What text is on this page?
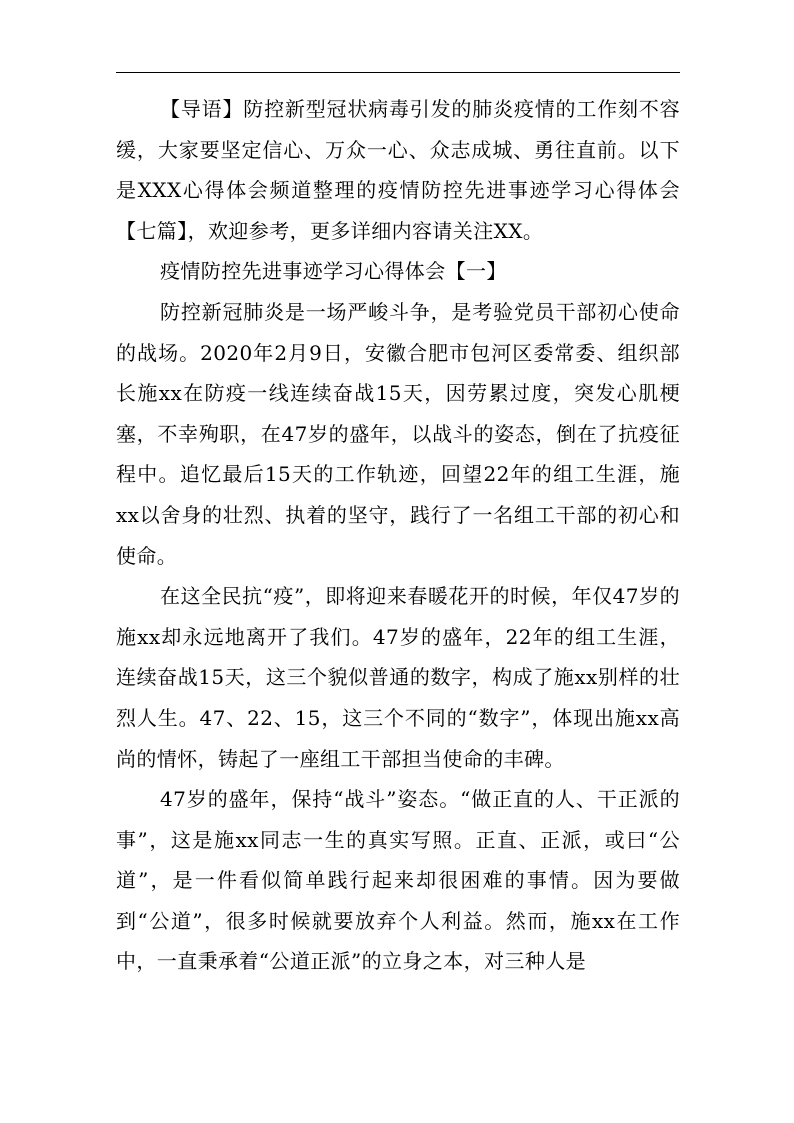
【导语】防控新型冠状病毒引发的肺炎疫情的工作刻不容缓，大家要坚定信心、万众一心、众志成城、勇往直前。以下是XXX心得体会频道整理的疫情防控先进事迹学习心得体会【七篇】，欢迎参考，更多详细内容请关注XX。

疫情防控先进事迹学习心得体会【一】

防控新冠肺炎是一场严峻斗争，是考验党员干部初心使命的战场。2020年2月9日，安徽合肥市包河区委常委、组织部长施xx在防疫一线连续奋战15天，因劳累过度，突发心肌梗塞，不幸殉职，在47岁的盛年，以战斗的姿态，倒在了抗疫征程中。追忆最后15天的工作轨迹，回望22年的组工生涯，施xx以舍身的壮烈、执着的坚守，践行了一名组工干部的初心和使命。

在这全民抗“疫”，即将迎来春暖花开的时候，年仅47岁的施xx却永远地离开了我们。47岁的盛年，22年的组工生涯，连续奋战15天，这三个貌似普通的数字，构成了施xx别样的壮烈人生。47、22、15，这三个不同的“数字”，体现出施xx高尚的情怀，铸起了一座组工干部担当使命的丰碑。

47岁的盛年，保持“战斗”姿态。“做正直的人、干正派的事”，这是施xx同志一生的真实写照。正直、正派，或曰“公道”，是一件看似简单践行起来却很困难的事情。因为要做到“公道”，很多时候就要放弃个人利益。然而，施xx在工作中，一直秉承着“公道正派”的立身之本，对三种人是
